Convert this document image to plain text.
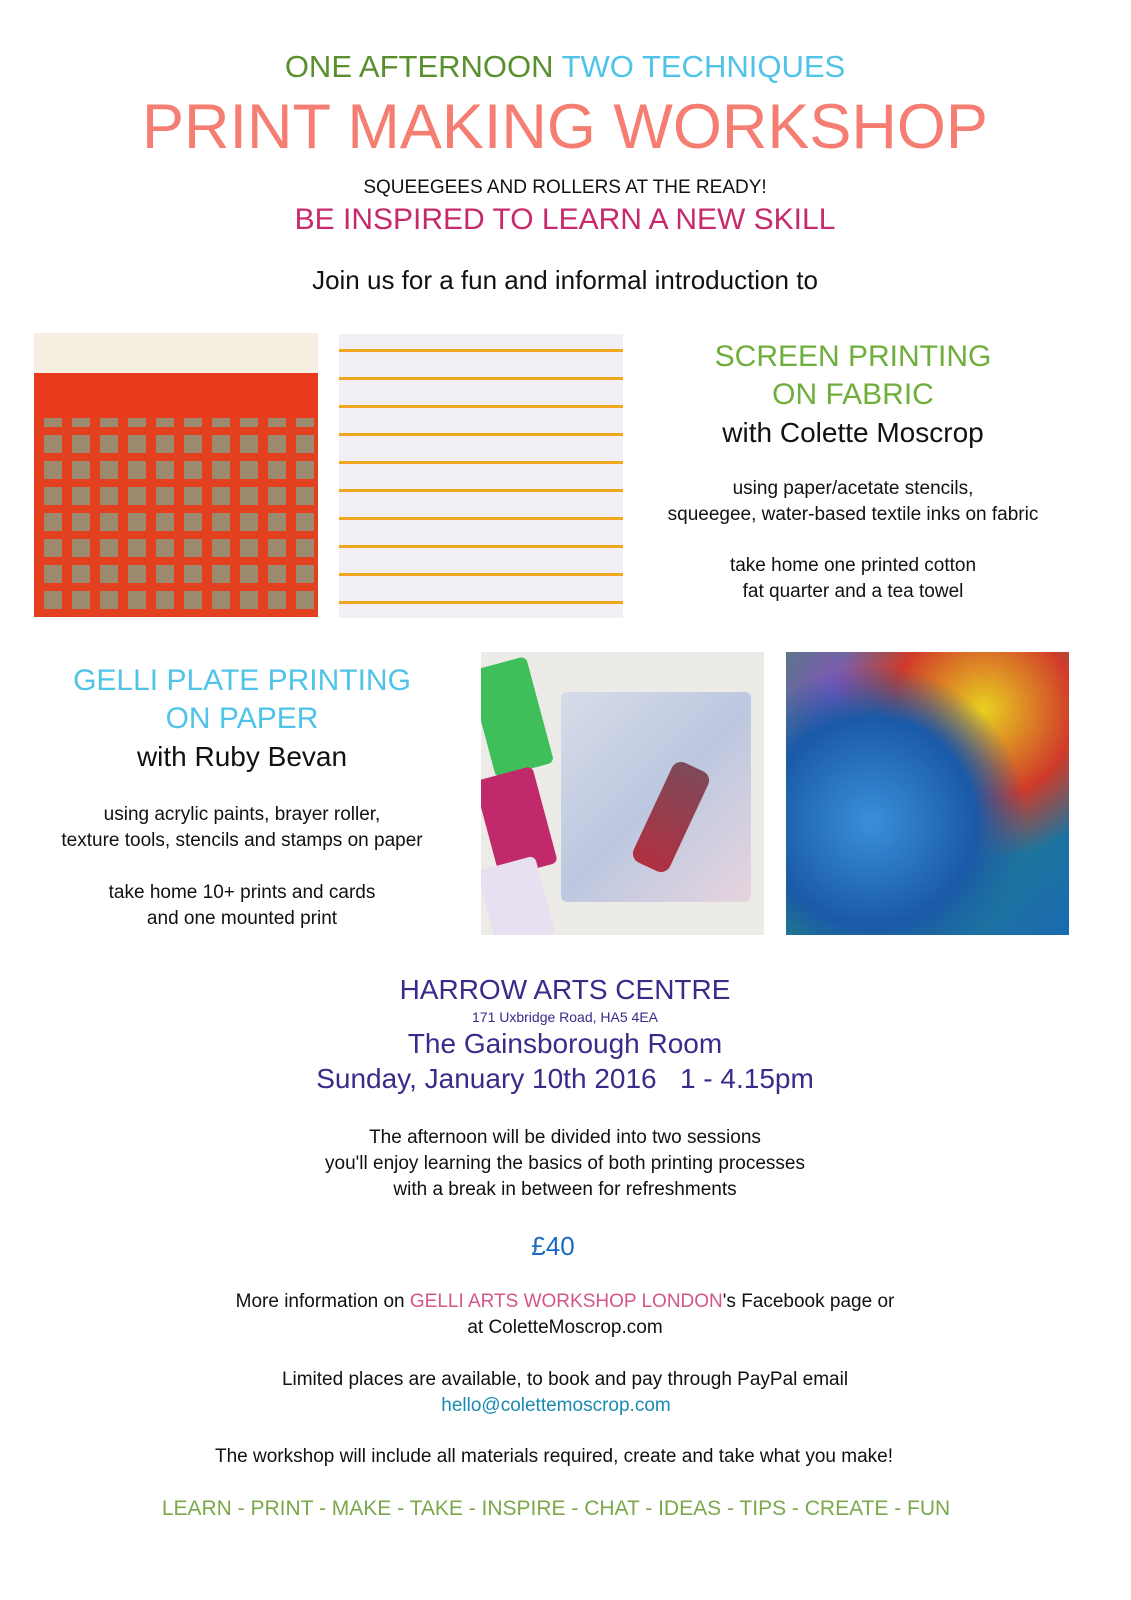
ONE AFTERNOON TWO TECHNIQUES
PRINT MAKING WORKSHOP
SQUEEGEES AND ROLLERS AT THE READY!
BE INSPIRED TO LEARN A NEW SKILL
Join us for a fun and informal introduction to
SCREEN PRINTING
ON FABRIC
with Colette Moscrop
using paper/acetate stencils,
squeegee, water-based textile inks on fabric
take home one printed cotton
fat quarter and a tea towel
GELLI PLATE PRINTING
ON PAPER
with Ruby Bevan
using acrylic paints, brayer roller,
texture tools, stencils and stamps on paper
take home 10+ prints and cards
and one mounted print
HARROW ARTS CENTRE
171 Uxbridge Road, HA5 4EA
The Gainsborough Room
Sunday, January 10th 2016   1 - 4.15pm
The afternoon will be divided into two sessions
you'll enjoy learning the basics of both printing processes
with a break in between for refreshments
£40
More information on GELLI ARTS WORKSHOP LONDON's Facebook page or
at ColetteMoscrop.com
Limited places are available, to book and pay through PayPal email
hello@colettemoscrop.com
The workshop will include all materials required, create and take what you make!
LEARN - PRINT - MAKE - TAKE - INSPIRE - CHAT - IDEAS - TIPS - CREATE - FUN
